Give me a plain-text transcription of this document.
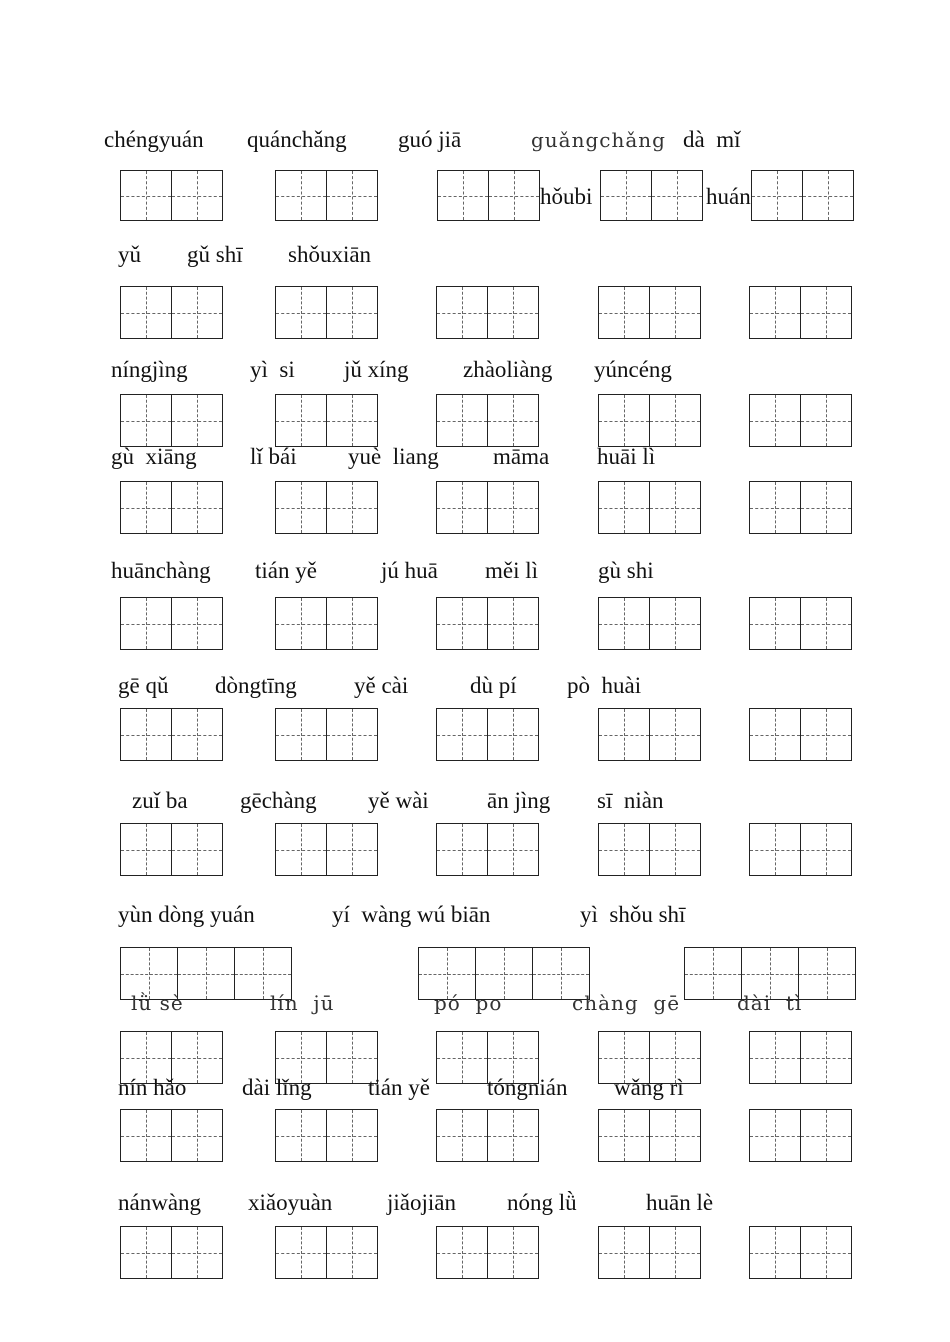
chéngyuán quánchǎng guó jiā	guǎngchǎng dà  mǐ
hǒubi	huán
yǔ gǔ shī shǒuxiān
níngjìng	yì  si jǔ xíng zhàoliàng yúncéng
gù  xiāng lǐ bái yuè  liang māma huāi lì
huānchàng tián yě	jú huā měi lì	gù shi
gē qǔ dòngtīng yě cài	dù pí pò  huài
zuǐ ba gēchàng yě wài	ān jìng sī  niàn
yùn dòng yuán	yí  wàng wú biān	yì  shǒu shī
lǜ sè	lín  jū	pó  po	chàng  gē	dài  tì
nín hǎo dài lǐng tián yě tóngnián wǎng rì
nánwàng xiǎoyuàn jiǎojiān nóng lǜ	huān lè
